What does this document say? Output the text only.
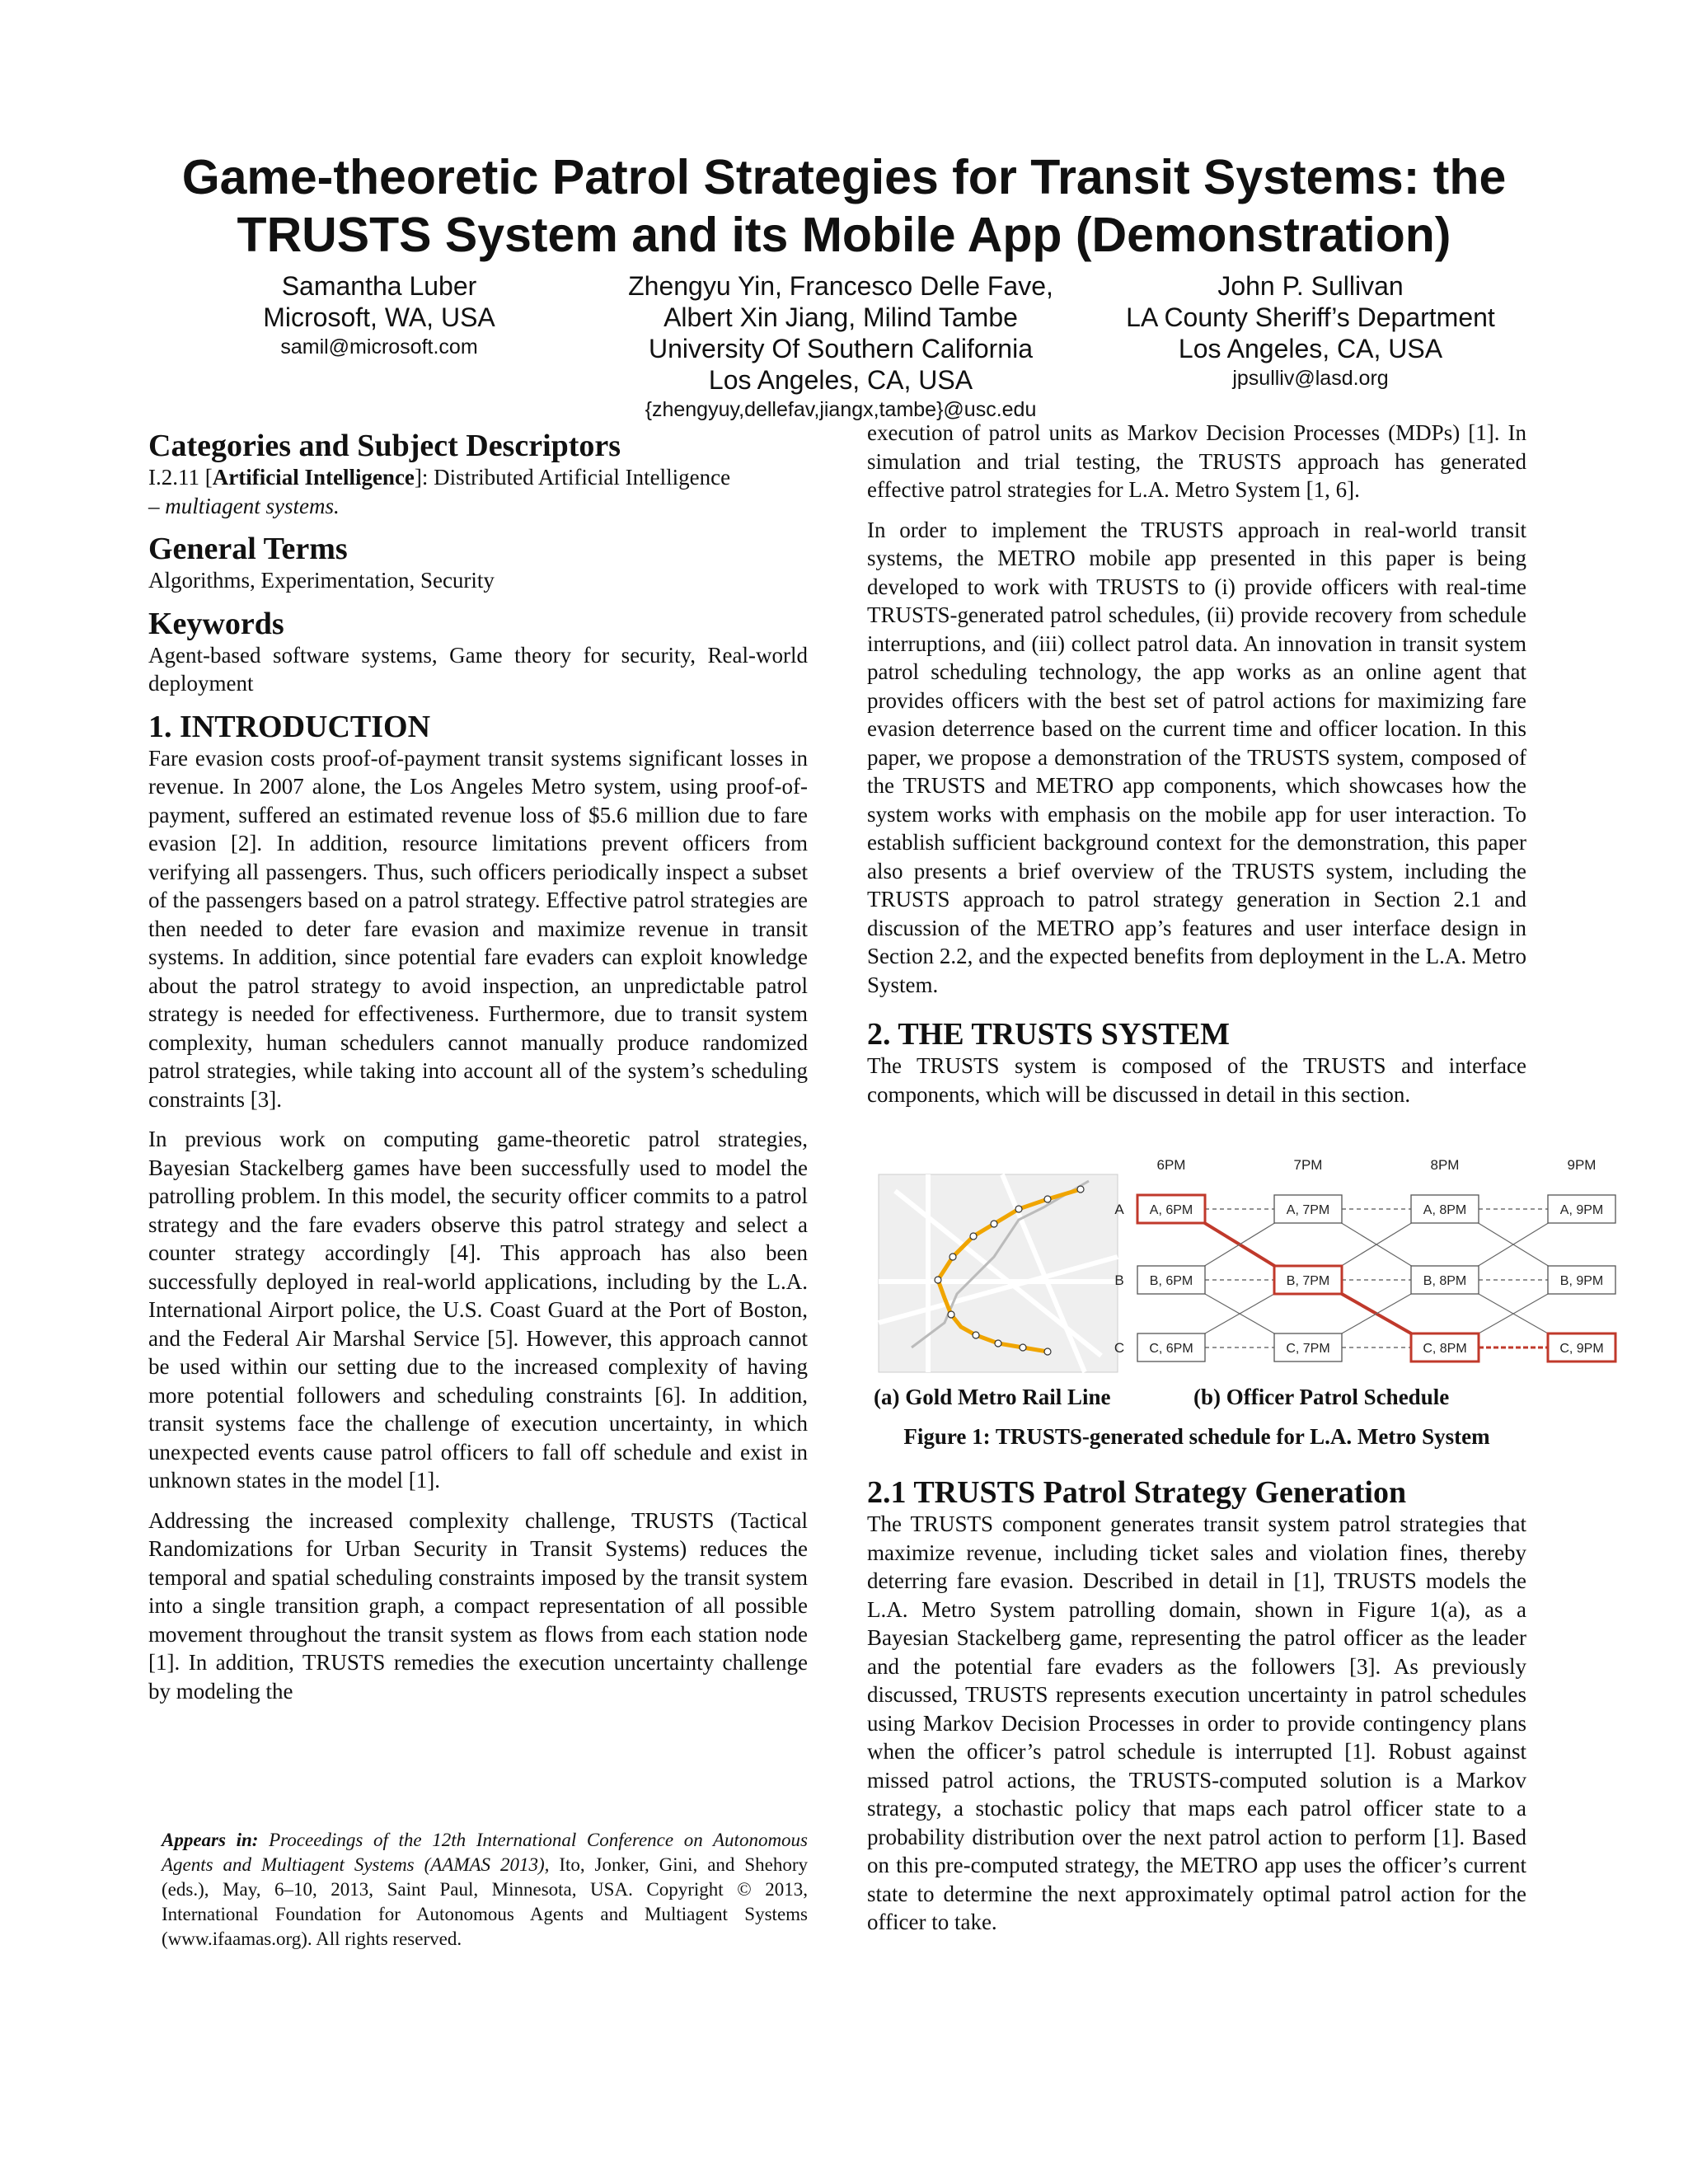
Game-theoretic Patrol Strategies for Transit Systems: the
TRUSTS System and its Mobile App (Demonstration)
Samantha Luber
Microsoft, WA, USA
samil@microsoft.com
Zhengyu Yin, Francesco Delle Fave,
Albert Xin Jiang, Milind Tambe
University Of Southern California
Los Angeles, CA, USA
{zhengyuy,dellefav,jiangx,tambe}@usc.edu
John P. Sullivan
LA County Sheriff’s Department
Los Angeles, CA, USA
jpsulliv@lasd.org
Categories and Subject Descriptors

I.2.11 [Artificial Intelligence]: Distributed Artificial Intelligence
– multiagent systems.

General Terms

Algorithms, Experimentation, Security

Keywords

Agent-based software systems, Game theory for security, Real-world deployment

1. INTRODUCTION

Fare evasion costs proof-of-payment transit systems significant losses in revenue. In 2007 alone, the Los Angeles Metro system, using proof-of-payment, suffered an estimated revenue loss of $5.6 million due to fare evasion [2]. In addition, resource limitations prevent officers from verifying all passengers. Thus, such officers periodically inspect a subset of the passengers based on a patrol strategy. Effective patrol strategies are then needed to deter fare evasion and maximize revenue in transit systems. In addition, since potential fare evaders can exploit knowledge about the patrol strategy to avoid inspection, an unpredictable patrol strategy is needed for effectiveness. Furthermore, due to transit system complexity, human schedulers cannot manually produce randomized patrol strategies, while taking into account all of the system’s scheduling constraints [3].

In previous work on computing game-theoretic patrol strategies, Bayesian Stackelberg games have been successfully used to model the patrolling problem. In this model, the security officer commits to a patrol strategy and the fare evaders observe this patrol strategy and select a counter strategy accordingly [4]. This approach has also been successfully deployed in real-world applications, including by the L.A. International Airport police, the U.S. Coast Guard at the Port of Boston, and the Federal Air Marshal Service [5]. However, this approach cannot be used within our setting due to the increased complexity of having more potential followers and scheduling constraints [6]. In addition, transit systems face the challenge of execution uncertainty, in which unexpected events cause patrol officers to fall off schedule and exist in unknown states in the model [1].

Addressing the increased complexity challenge, TRUSTS (Tactical Randomizations for Urban Security in Transit Systems) reduces the temporal and spatial scheduling constraints imposed by the transit system into a single transition graph, a compact representation of all possible movement throughout the transit system as flows from each station node [1]. In addition, TRUSTS remedies the execution uncertainty challenge by modeling the

Appears in: Proceedings of the 12th International Conference on Autonomous Agents and Multiagent Systems (AAMAS 2013), Ito, Jonker, Gini, and Shehory (eds.), May, 6–10, 2013, Saint Paul, Minnesota, USA. Copyright © 2013, International Foundation for Autonomous Agents and Multiagent Systems (www.ifaamas.org). All rights reserved.

execution of patrol units as Markov Decision Processes (MDPs) [1]. In simulation and trial testing, the TRUSTS approach has generated effective patrol strategies for L.A. Metro System [1, 6].

In order to implement the TRUSTS approach in real-world transit systems, the METRO mobile app presented in this paper is being developed to work with TRUSTS to (i) provide officers with real-time TRUSTS-generated patrol schedules, (ii) provide recovery from schedule interruptions, and (iii) collect patrol data. An innovation in transit system patrol scheduling technology, the app works as an online agent that provides officers with the best set of patrol actions for maximizing fare evasion deterrence based on the current time and officer location. In this paper, we propose a demonstration of the TRUSTS system, composed of the TRUSTS and METRO app components, which showcases how the system works with emphasis on the mobile app for user interaction. To establish sufficient background context for the demonstration, this paper also presents a brief overview of the TRUSTS system, including the TRUSTS approach to patrol strategy generation in Section 2.1 and discussion of the METRO app’s features and user interface design in Section 2.2, and the expected benefits from deployment in the L.A. Metro System.

2. THE TRUSTS SYSTEM

The TRUSTS system is composed of the TRUSTS and interface components, which will be discussed in detail in this section.

6PM	7PM	8PM	9PM
A
B
C
A, 6PM	A, 7PM	A, 8PM	A, 9PM
B, 6PM	B, 7PM	B, 8PM	B, 9PM
C, 6PM	C, 7PM	C, 8PM	C, 9PM
(a) Gold Metro Rail Line	(b) Officer Patrol Schedule
Figure 1: TRUSTS-generated schedule for L.A. Metro System
2.1 TRUSTS Patrol Strategy Generation

The TRUSTS component generates transit system patrol strategies that maximize revenue, including ticket sales and violation fines, thereby deterring fare evasion. Described in detail in [1], TRUSTS models the L.A. Metro System patrolling domain, shown in Figure 1(a), as a Bayesian Stackelberg game, representing the patrol officer as the leader and the potential fare evaders as the followers [3]. As previously discussed, TRUSTS represents execution uncertainty in patrol schedules using Markov Decision Processes in order to provide contingency plans when the officer’s patrol schedule is interrupted [1]. Robust against missed patrol actions, the TRUSTS-computed solution is a Markov strategy, a stochastic policy that maps each patrol officer state to a probability distribution over the next patrol action to perform [1]. Based on this pre-computed strategy, the METRO app uses the officer’s current state to determine the next approximately optimal patrol action for the officer to take.
